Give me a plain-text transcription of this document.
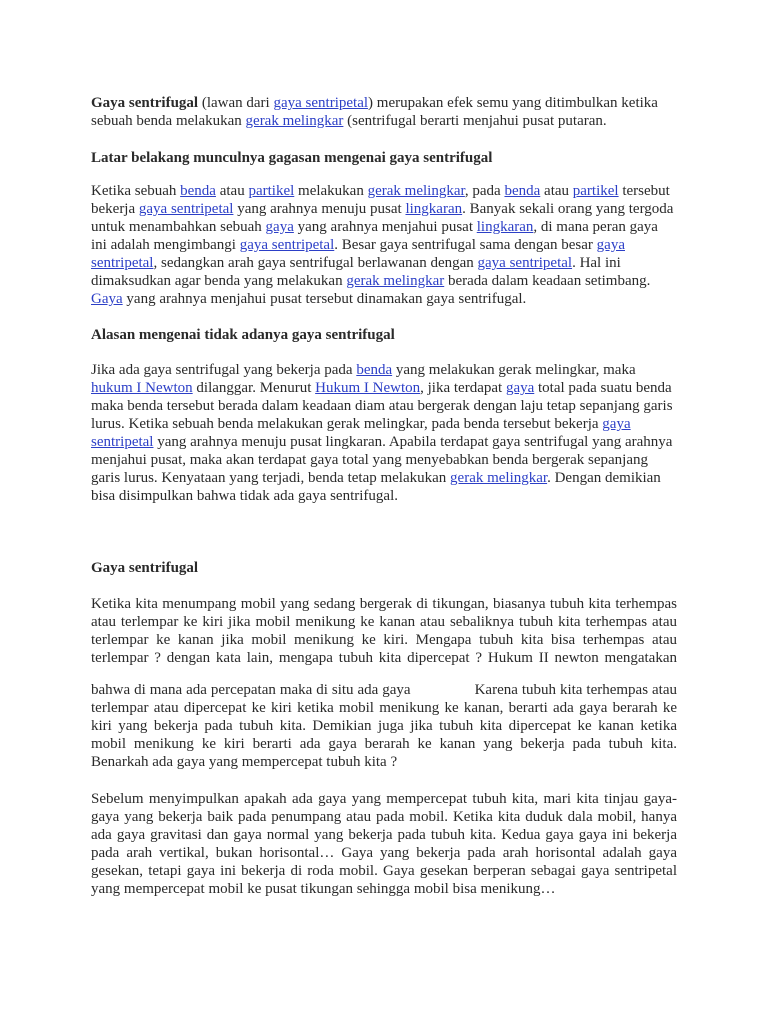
Gaya sentrifugal (lawan dari gaya sentripetal) merupakan efek semu yang ditimbulkan ketika
sebuah benda melakukan gerak melingkar (sentrifugal berarti menjahui pusat putaran.
Latar belakang munculnya gagasan mengenai gaya sentrifugal
Ketika sebuah benda atau partikel melakukan gerak melingkar, pada benda atau partikel tersebut
bekerja gaya sentripetal yang arahnya menuju pusat lingkaran. Banyak sekali orang yang tergoda
untuk menambahkan sebuah gaya yang arahnya menjahui pusat lingkaran, di mana peran gaya
ini adalah mengimbangi gaya sentripetal. Besar gaya sentrifugal sama dengan besar gaya
sentripetal, sedangkan arah gaya sentrifugal berlawanan dengan gaya sentripetal. Hal ini
dimaksudkan agar benda yang melakukan gerak melingkar berada dalam keadaan setimbang.
Gaya yang arahnya menjahui pusat tersebut dinamakan gaya sentrifugal.
Alasan mengenai tidak adanya gaya sentrifugal
Jika ada gaya sentrifugal yang bekerja pada benda yang melakukan gerak melingkar, maka
hukum I Newton dilanggar. Menurut Hukum I Newton, jika terdapat gaya total pada suatu benda
maka benda tersebut berada dalam keadaan diam atau bergerak dengan laju tetap sepanjang garis
lurus. Ketika sebuah benda melakukan gerak melingkar, pada benda tersebut bekerja gaya
sentripetal yang arahnya menuju pusat lingkaran. Apabila terdapat gaya sentrifugal yang arahnya
menjahui pusat, maka akan terdapat gaya total yang menyebabkan benda bergerak sepanjang
garis lurus. Kenyataan yang terjadi, benda tetap melakukan gerak melingkar. Dengan demikian
bisa disimpulkan bahwa tidak ada gaya sentrifugal.
Gaya sentrifugal
Ketika kita menumpang mobil yang sedang bergerak di tikungan, biasanya tubuh kita terhempas
atau terlempar ke kiri jika mobil menikung ke kanan atau sebaliknya tubuh kita terhempas atau
terlempar ke kanan jika mobil menikung ke kiri. Mengapa tubuh kita bisa terhempas atau
terlempar ? dengan kata lain, mengapa tubuh kita dipercepat ? Hukum II newton mengatakan
bahwa di mana ada percepatan maka di situ ada gaya	Karena tubuh kita terhempas atau
terlempar atau dipercepat ke kiri ketika mobil menikung ke kanan, berarti ada gaya berarah ke
kiri yang bekerja pada tubuh kita. Demikian juga jika tubuh kita dipercepat ke kanan ketika
mobil menikung ke kiri berarti ada gaya berarah ke kanan yang bekerja pada tubuh kita.
Benarkah ada gaya yang mempercepat tubuh kita ?
Sebelum menyimpulkan apakah ada gaya yang mempercepat tubuh kita, mari kita tinjau gaya-
gaya yang bekerja baik pada penumpang atau pada mobil. Ketika kita duduk dala mobil, hanya
ada gaya gravitasi dan gaya normal yang bekerja pada tubuh kita. Kedua gaya gaya ini bekerja
pada arah vertikal, bukan horisontal… Gaya yang bekerja pada arah horisontal adalah gaya
gesekan, tetapi gaya ini bekerja di roda mobil. Gaya gesekan berperan sebagai gaya sentripetal
yang mempercepat mobil ke pusat tikungan sehingga mobil bisa menikung…
